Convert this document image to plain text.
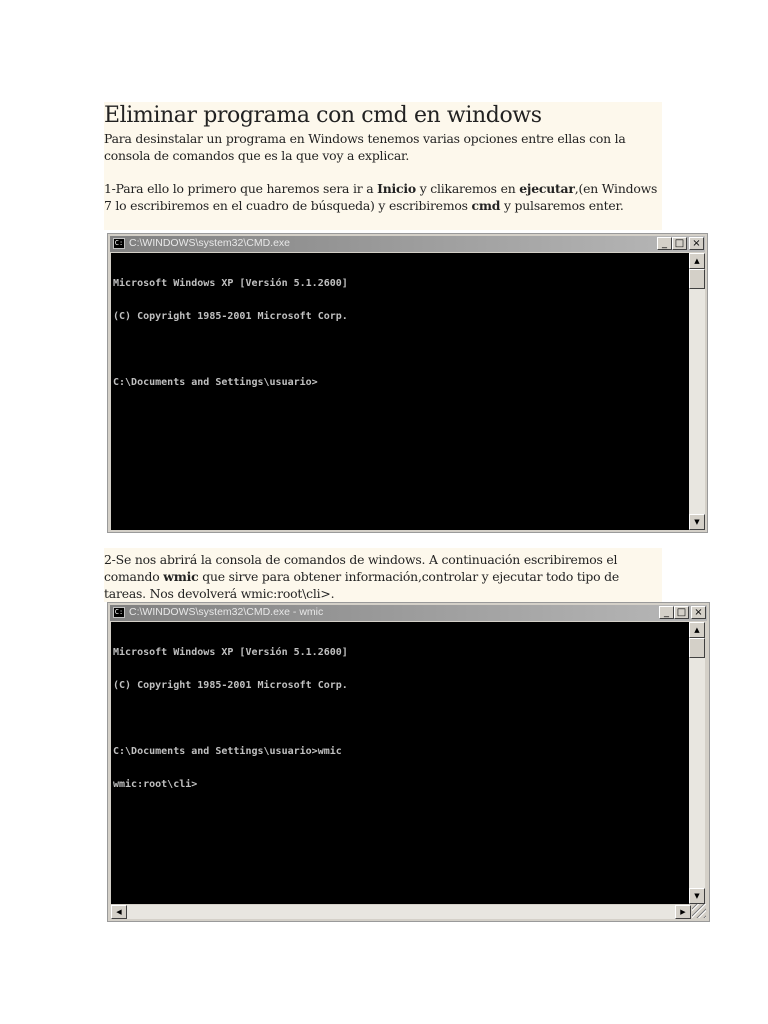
Eliminar programa con cmd en windows

Para desinstalar un programa en Windows tenemos varias opciones entre ellas con la consola de comandos que es la que voy a explicar.

1-Para ello lo primero que haremos sera ir a Inicio y clikaremos en ejecutar,(en Windows 7 lo escribiremos en el cuadro de búsqueda) y escribiremos cmd y pulsaremos enter.

C: C:\WINDOWS\system32\CMD.exe	_ □ ×

Microsoft Windows XP [Versión 5.1.2600]

(C) Copyright 1985-2001 Microsoft Corp.

C:\Documents and Settings\usuario>

▲
▼

2-Se nos abrirá la consola de comandos de windows. A continuación escribiremos el comando wmic que sirve para obtener información,controlar y ejecutar todo tipo de tareas. Nos devolverá wmic:root\cli>.

C: C:\WINDOWS\system32\CMD.exe - wmic	_ □ ×

Microsoft Windows XP [Versión 5.1.2600]

(C) Copyright 1985-2001 Microsoft Corp.

C:\Documents and Settings\usuario>wmic

wmic:root\cli>

▲
▼
◀	▶
